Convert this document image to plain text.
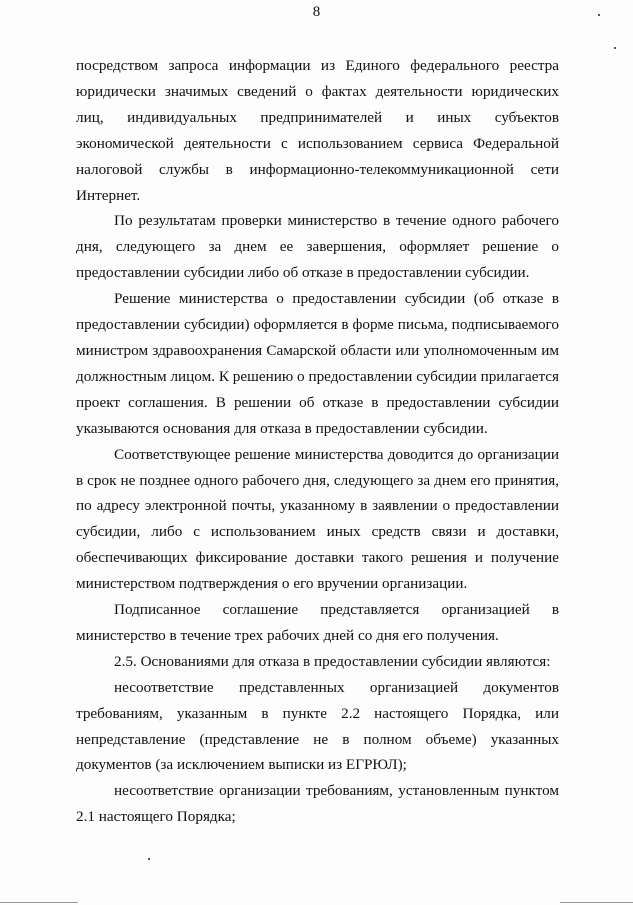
8

посредством запроса информации из Единого федерального реестра юридически значимых сведений о фактах деятельности юридических лиц, индивидуальных предпринимателей и иных субъектов экономической деятельности с использованием сервиса Федеральной налоговой службы в информационно-телекоммуникационной сети Интернет.

По результатам проверки министерство в течение одного рабочего дня, следующего за днем ее завершения, оформляет решение о предоставлении субсидии либо об отказе в предоставлении субсидии.

Решение министерства о предоставлении субсидии (об отказе в предоставлении субсидии) оформляется в форме письма, подписываемого министром здравоохранения Самарской области или уполномоченным им должностным лицом. К решению о предоставлении субсидии прилагается проект соглашения. В решении об отказе в предоставлении субсидии указываются основания для отказа в предоставлении субсидии.

Соответствующее решение министерства доводится до организации в срок не позднее одного рабочего дня, следующего за днем его принятия, по адресу электронной почты, указанному в заявлении о предоставлении субсидии, либо с использованием иных средств связи и доставки, обеспечивающих фиксирование доставки такого решения и получение министерством подтверждения о его вручении организации.

Подписанное соглашение представляется организацией в министерство в течение трех рабочих дней со дня его получения.

2.5. Основаниями для отказа в предоставлении субсидии являются:

несоответствие представленных организацией документов требованиям, указанным в пункте 2.2 настоящего Порядка, или непредставление (представление не в полном объеме) указанных документов (за исключением выписки из ЕГРЮЛ);

несоответствие организации требованиям, установленным пунктом 2.1 настоящего Порядка;
